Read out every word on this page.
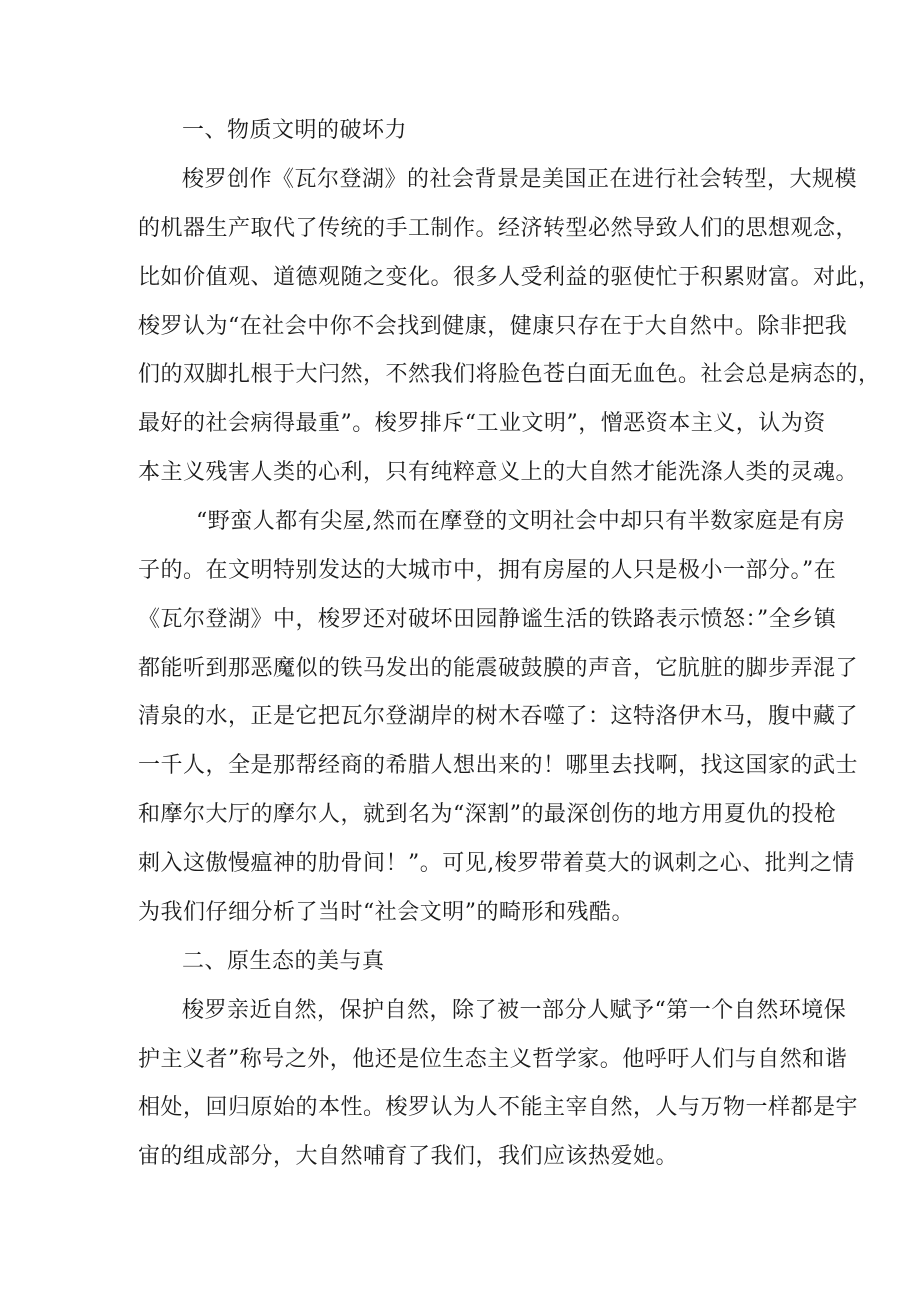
一、物质文明的破坏力
梭罗创作《瓦尔登湖》的社会背景是美国正在进行社会转型，大规模
的机器生产取代了传统的手工制作。经济转型必然导致人们的思想观念，
比如价值观、道德观随之变化。很多人受利益的驱使忙于积累财富。对此，
梭罗认为“在社会中你不会找到健康，健康只存在于大自然中。除非把我
们的双脚扎根于大闩然，不然我们将脸色苍白面无血色。社会总是病态的，
最好的社会病得最重”。梭罗排斥“工业文明”，憎恶资本主义，认为资
本主义残害人类的心利，只有纯粹意义上的大自然才能洗涤人类的灵魂。
“野蛮人都有尖屋,然而在摩登的文明社会中却只有半数家庭是有房
子的。在文明特别发达的大城市中，拥有房屋的人只是极小一部分。”在
《瓦尔登湖》中，梭罗还对破坏田园静谧生活的铁路表示愤怒：”全乡镇
都能听到那恶魔似的铁马发出的能震破鼓膜的声音，它肮脏的脚步弄混了
清泉的水，正是它把瓦尔登湖岸的树木吞噬了：这特洛伊木马，腹中藏了
一千人，全是那帮经商的希腊人想出来的！哪里去找啊，找这国家的武士
和摩尔大厅的摩尔人，就到名为“深割”的最深创伤的地方用夏仇的投枪
刺入这傲慢瘟神的肋骨间！”。可见,梭罗带着莫大的讽刺之心、批判之情
为我们仔细分析了当时“社会文明”的畸形和残酷。
二、原生态的美与真
梭罗亲近自然，保护自然，除了被一部分人赋予“第一个自然环境保
护主义者”称号之外，他还是位生态主义哲学家。他呼吁人们与自然和谐
相处，回归原始的本性。梭罗认为人不能主宰自然，人与万物一样都是宇
宙的组成部分，大自然哺育了我们，我们应该热爱她。
